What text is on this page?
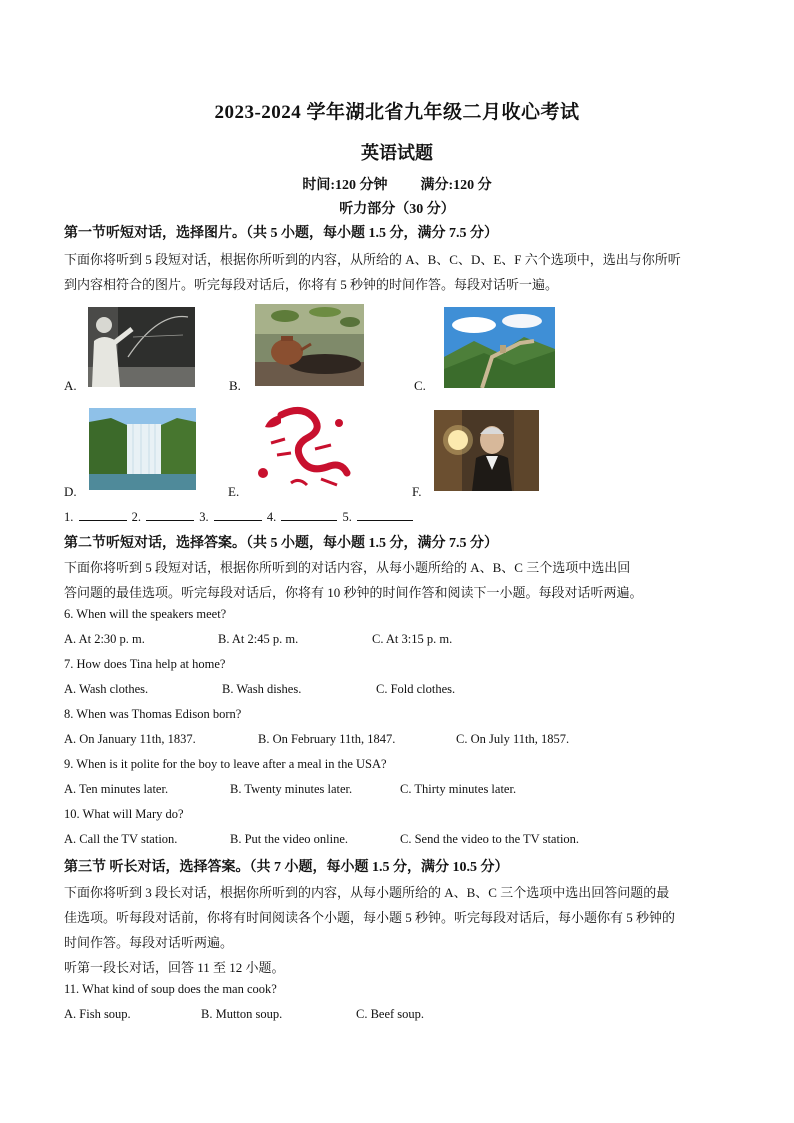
2023-2024 学年湖北省九年级二月收心考试
英语试题
时间:120 分钟 满分:120 分
听力部分（30 分）
第一节听短对话，选择图片。（共 5 小题，每小题 1.5 分，满分 7.5 分）
下面你将听到 5 段短对话，根据你所听到的内容，从所给的 A、B、C、D、E、F 六个选项中，选出与你所听
到内容相符合的图片。听完每段对话后，你将有 5 秒钟的时间作答。每段对话听一遍。
A.	B.	C.
D.	E.	F.
1.	2.	3.	4.	5.
第二节听短对话，选择答案。（共 5 小题，每小题 1.5 分，满分 7.5 分）
下面你将听到 5 段短对话，根据你所听到的对话内容，从每小题所给的 A、B、C 三个选项中选出回
答问题的最佳选项。听完每段对话后，你将有 10 秒钟的时间作答和阅读下一小题。每段对话听两遍。
6. When will the speakers meet?
A. At 2:30 p. m.	B. At 2:45 p. m.	C. At 3:15 p. m.
7. How does Tina help at home?
A. Wash clothes.	B. Wash dishes.	C. Fold clothes.
8. When was Thomas Edison born?
A. On January 11th, 1837.	B. On February 11th, 1847.	C. On July 11th, 1857.
9. When is it polite for the boy to leave after a meal in the USA?
A. Ten minutes later.	B. Twenty minutes later.	C. Thirty minutes later.
10. What will Mary do?
A. Call the TV station.	B. Put the video online.	C. Send the video to the TV station.
第三节 听长对话，选择答案。（共 7 小题，每小题 1.5 分，满分 10.5 分）
下面你将听到 3 段长对话，根据你所听到的内容，从每小题所给的 A、B、C 三个选项中选出回答问题的最
佳选项。听每段对话前，你将有时间阅读各个小题，每小题 5 秒钟。听完每段对话后，每小题你有 5 秒钟的
时间作答。每段对话听两遍。
听第一段长对话，回答 11 至 12 小题。
11. What kind of soup does the man cook?
A. Fish soup.	B. Mutton soup.	C. Beef soup.
